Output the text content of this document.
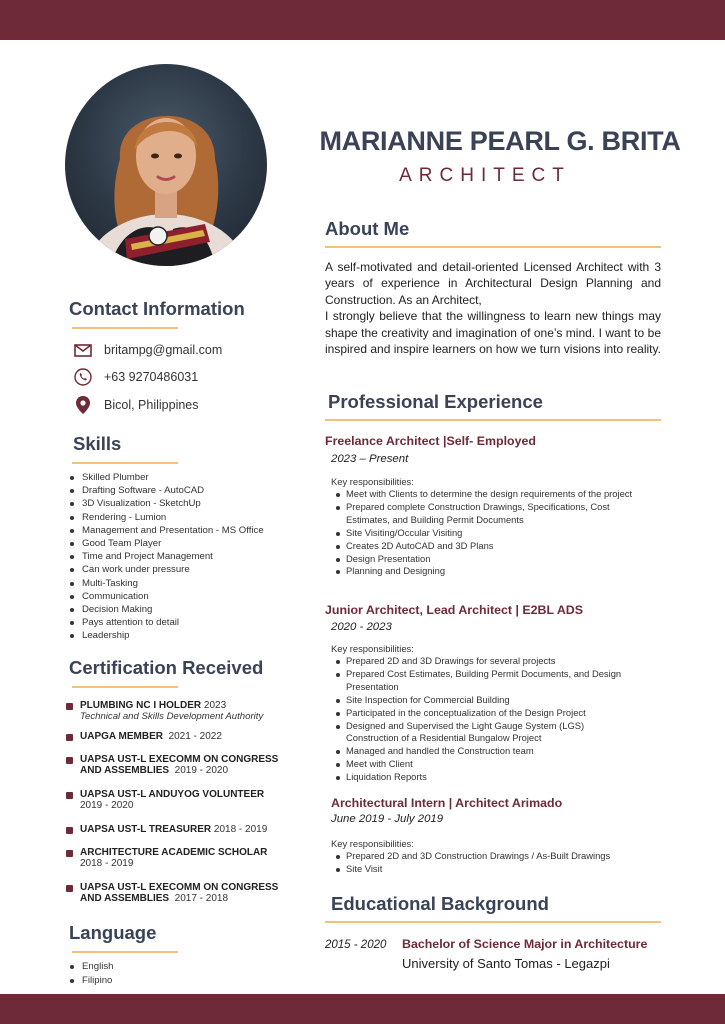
MARIANNE PEARL G. BRITA
ARCHITECT
Contact Information
britampg@gmail.com
+63 9270486031
Bicol, Philippines
Skills
Skilled Plumber
Drafting Software - AutoCAD
3D Visualization - SketchUp
Rendering - Lumion
Management and Presentation - MS Office
Good Team Player
Time and Project Management
Can work under pressure
Multi-Tasking
Communication
Decision Making
Pays attention to detail
Leadership
Certification Received
PLUMBING NC I HOLDER 2023
Technical and Skills Development Authority
UAPGA MEMBER 2021 - 2022
UAPSA UST-L EXECOMM ON CONGRESS
AND ASSEMBLIES 2019 - 2020
UAPSA UST-L ANDUYOG VOLUNTEER
2019 - 2020
UAPSA UST-L TREASURER 2018 - 2019
ARCHITECTURE ACADEMIC SCHOLAR
2018 - 2019
UAPSA UST-L EXECOMM ON CONGRESS
AND ASSEMBLIES 2017 - 2018
Language
English
Filipino
About Me

A self-motivated and detail-oriented Licensed Architect with 3 years of experience in Architectural Design Planning and Construction. As an Architect,

I strongly believe that the willingness to learn new things may shape the creativity and imagination of one’s mind. I want to be inspired and inspire learners on how we turn visions into reality.

Professional Experience
Freelance Architect |Self- Employed
2023 – Present
Key responsibilities:
Meet with Clients to determine the design requirements of the project
Prepared complete Construction Drawings, Specifications, Cost Estimates, and Building Permit Documents
Site Visiting/Occular Visiting
Creates 2D AutoCAD and 3D Plans
Design Presentation
Planning and Designing
Junior Architect, Lead Architect | E2BL ADS
2020 - 2023
Key responsibilities:
Prepared 2D and 3D Drawings for several projects
Prepared Cost Estimates, Building Permit Documents, and Design Presentation
Site Inspection for Commercial Building
Participated in the conceptualization of the Design Project
Designed and Supervised the Light Gauge System (LGS) Construction of a Residential Bungalow Project
Managed and handled the Construction team
Meet with Client
Liquidation Reports
Architectural Intern | Architect Arimado
June 2019 - July 2019
Key responsibilities:
Prepared 2D and 3D Construction Drawings / As-Built Drawings
Site Visit
Educational Background
2015 - 2020 Bachelor of Science Major in Architecture
University of Santo Tomas - Legazpi
